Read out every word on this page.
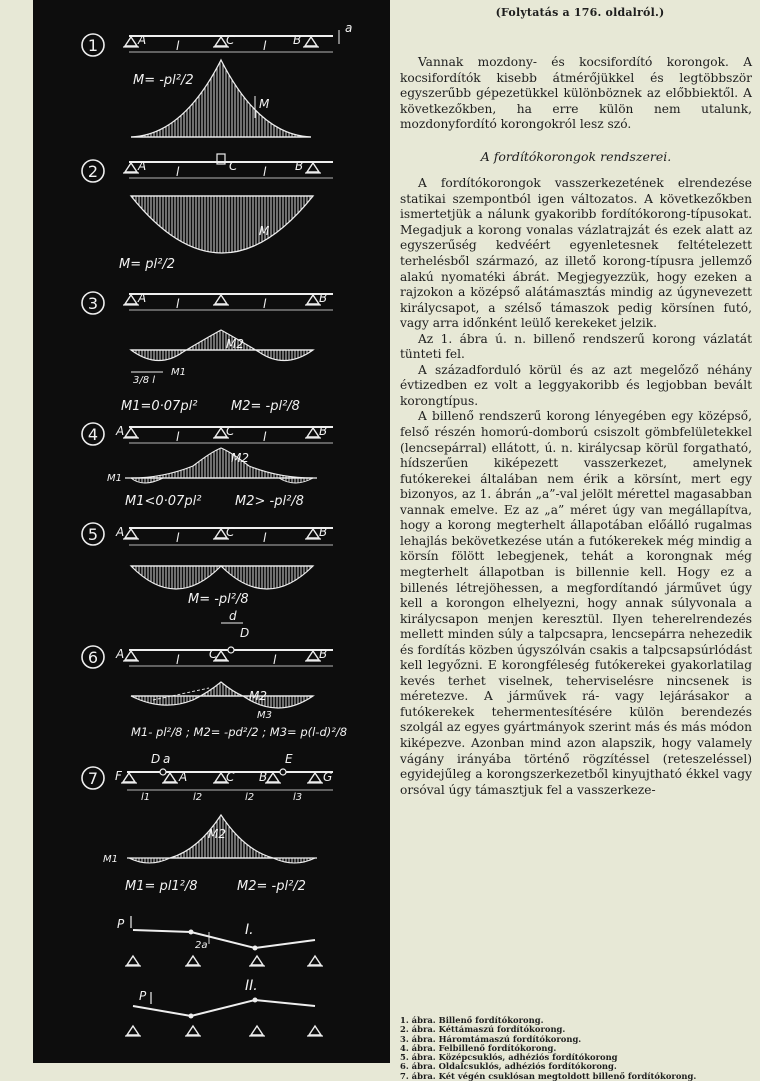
1
2
3
4
5
6
7
A	C	B
l	l
a
M
M= -pl²/2
A	C	B
l	l
M
M= pl²/2
A	B
l	l
M2
M1
3/8 l
M1=0·07pl²	M2= -pl²/8
A	C	B
l	l
M2
M1
M1<0·07pl²	M2> -pl²/8
A	C	B
l	l
M= -pl²/8
A	C	B
D
d
l	l
M2
M3
M1- pl²/8 ; M2= -pd²/2 ; M3= p(l-d)²/8
F
D a
A	C B
E
G
l1	l2	l2	l3
M2
M1
M1= pl1²/8	M2= -pl²/2
P
2a
I.
P
II.
(Folytatás a 176. oldalról.)

Vannak mozdony- és kocsifordító korongok. A kocsifordítók kisebb átmérőjükkel és legtöbbször egyszerűbb gépezetükkel különböznek az előbbiektől. A következőkben, ha erre külön nem utalunk, mozdonyfordító korongokról lesz szó.

A fordítókorongok rendszerei.

A fordítókorongok vasszerkezetének elrendezése statikai szempontból igen változatos. A következőkben ismertetjük a nálunk gyakoribb fordítókorong-típusokat. Megadjuk a korong vonalas vázlatrajzát és ezek alatt az egyszerűség kedvéért egyenletesnek feltételezett terhelésből származó, az illető korong-típusra jellemző alakú nyomatéki ábrát. Megjegyezzük, hogy ezeken a rajzokon a középső alátámasztás mindig az úgynevezett királycsapot, a szélső támaszok pedig körsínen futó, vagy arra időnként leülő kerekeket jelzik.

Az 1. ábra ú. n. billenő rendszerű korong vázlatát tünteti fel.

A századforduló körül és az azt megelőző néhány évtizedben ez volt a leggyakoribb és legjobban bevált korongtípus.

A billenő rendszerű korong lényegében egy középső, felső részén homorú-domború csiszolt gömbfelületekkel (lencsepárral) ellátott, ú. n. királycsap körül forgatható, hídszerűen kiképezett vasszerkezet, amelynek futókerekei általában nem érik a körsínt, mert egy bizonyos, az 1. ábrán „a”-val jelölt mérettel magasabban vannak emelve. Ez az „a” méret úgy van megállapítva, hogy a korong megterhelt állapotában előálló rugalmas lehajlás bekövetkezése után a futókerekek még mindig a körsín fölött lebegjenek, tehát a korongnak még megterhelt állapotban is billennie kell. Hogy ez a billenés létrejöhessen, a megfordítandó járművet úgy kell a korongon elhelyezni, hogy annak súlyvonala a királycsapon menjen keresztül. Ilyen teherelrendezés mellett minden súly a talpcsapra, lencsepárra nehezedik és fordítás közben úgyszólván csakis a talpcsapsúrlódást kell legyőzni. E korongféleség futókerekei gyakorlatilag kevés terhet viselnek, teherviselésre nincsenek is méretezve. A járművek rá- vagy lejárásakor a futókerekek tehermentesítésére külön berendezés szolgál az egyes gyártmányok szerint más és más módon kiképezve. Azonban mind azon alapszik, hogy valamely vágány irányába történő rögzítéssel (reteszeléssel) egyidejűleg a korongszerkezetből kinyujtható ékkel vagy orsóval úgy támasztjuk fel a vasszerkeze-

1. ábra. Billenő fordítókorong.
2. ábra. Kéttámaszú fordítókorong.
3. ábra. Háromtámaszú fordítókorong.
4. ábra. Felbillenő fordítókorong.
5. ábra. Középcsuklós, adhéziós fordítókorong
6. ábra. Oldalcsuklós, adhéziós fordítókorong.
7. ábra. Két végén csuklósan megtoldott billenő fordítókorong.
